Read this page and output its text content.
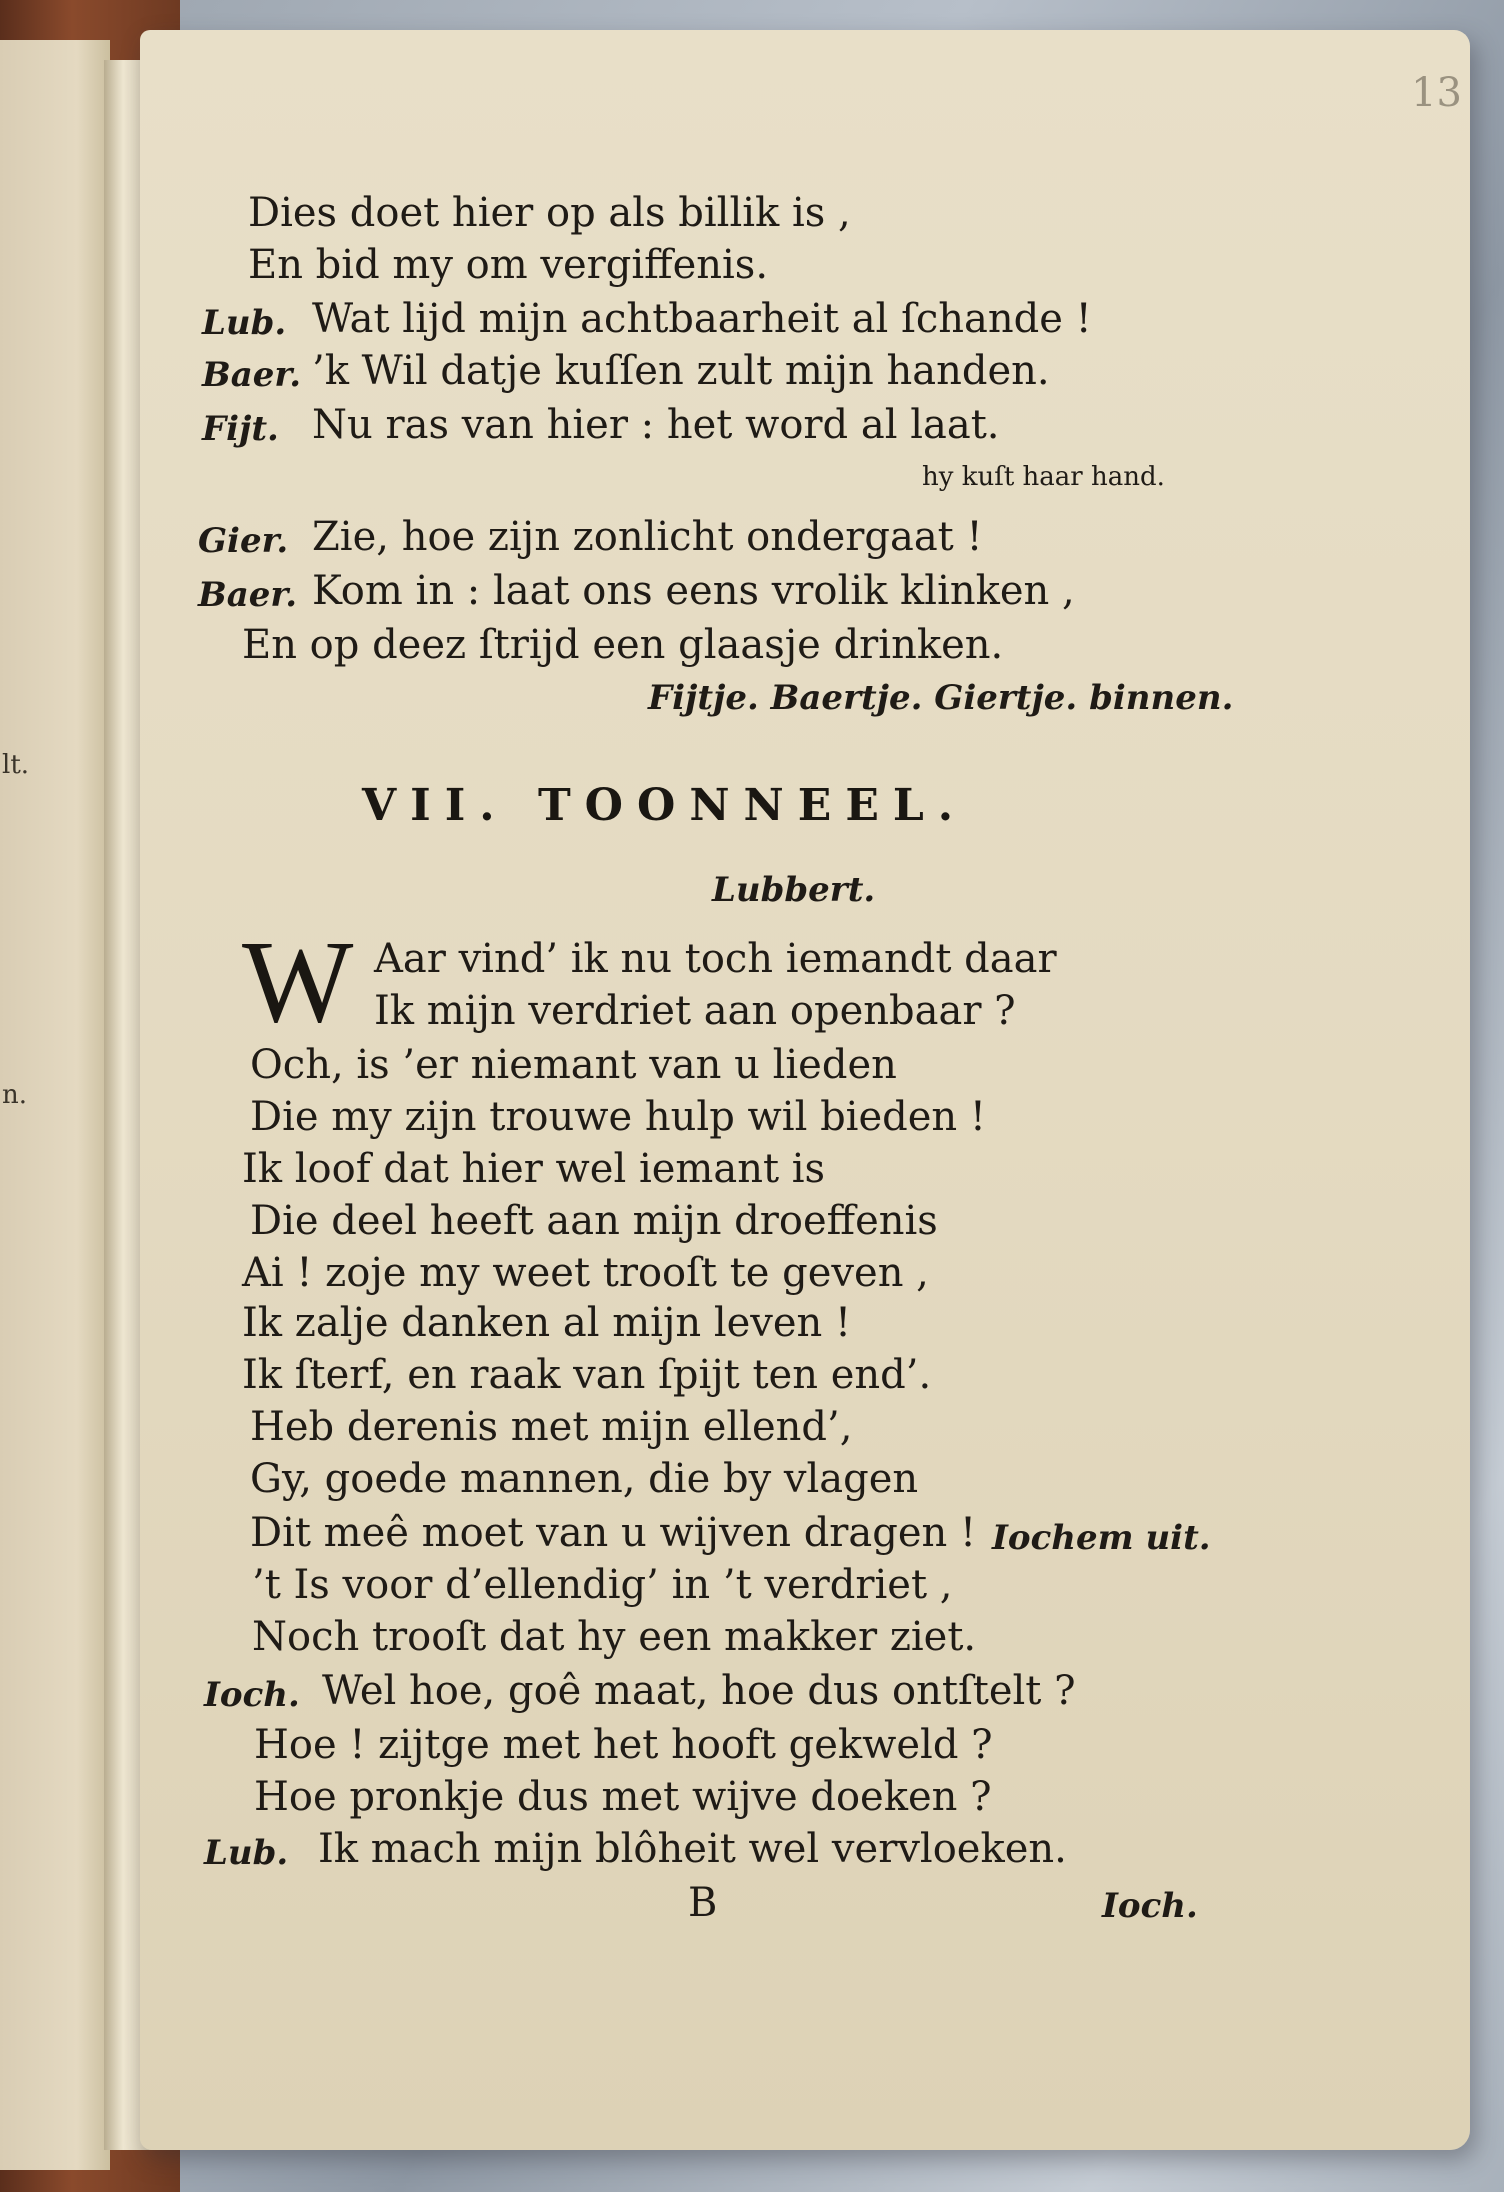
lt.
n.
13
Dies doet hier op als billik is ,
En bid my om vergiffenis.
Lub. Wat lijd mijn achtbaarheit al ſchande !
Baer. ’k Wil datje kuſſen zult mijn handen.
Fijt. Nu ras van hier : het word al laat.
hy kuſt haar hand.
Gier. Zie, hoe zijn zonlicht ondergaat !
Baer. Kom in : laat ons eens vrolik klinken ,
En op deez ſtrijd een glaasje drinken.
Fijtje. Baertje. Giertje. binnen.
VII. TOONNEEL.
Lubbert.
W Aar vind’ ik nu toch iemandt daar
Ik mijn verdriet aan openbaar ?
Och, is ’er niemant van u lieden
Die my zijn trouwe hulp wil bieden !
Ik loof dat hier wel iemant is
Die deel heeft aan mijn droeffenis
Ai ! zoje my weet trooſt te geven ,
Ik zalje danken al mijn leven !
Ik ſterf, en raak van ſpijt ten end’.
Heb derenis met mijn ellend’,
Gy, goede mannen, die by vlagen
Dit meê moet van u wijven dragen ! Iochem uit.
’t Is voor d’ellendig’ in ’t verdriet ,
Noch trooſt dat hy een makker ziet.
Ioch. Wel hoe, goê maat, hoe dus ontſtelt ?
Hoe ! zijtge met het hooft gekweld ?
Hoe pronkje dus met wijve doeken ?
Lub. Ik mach mijn blôheit wel vervloeken.
B	Ioch.
